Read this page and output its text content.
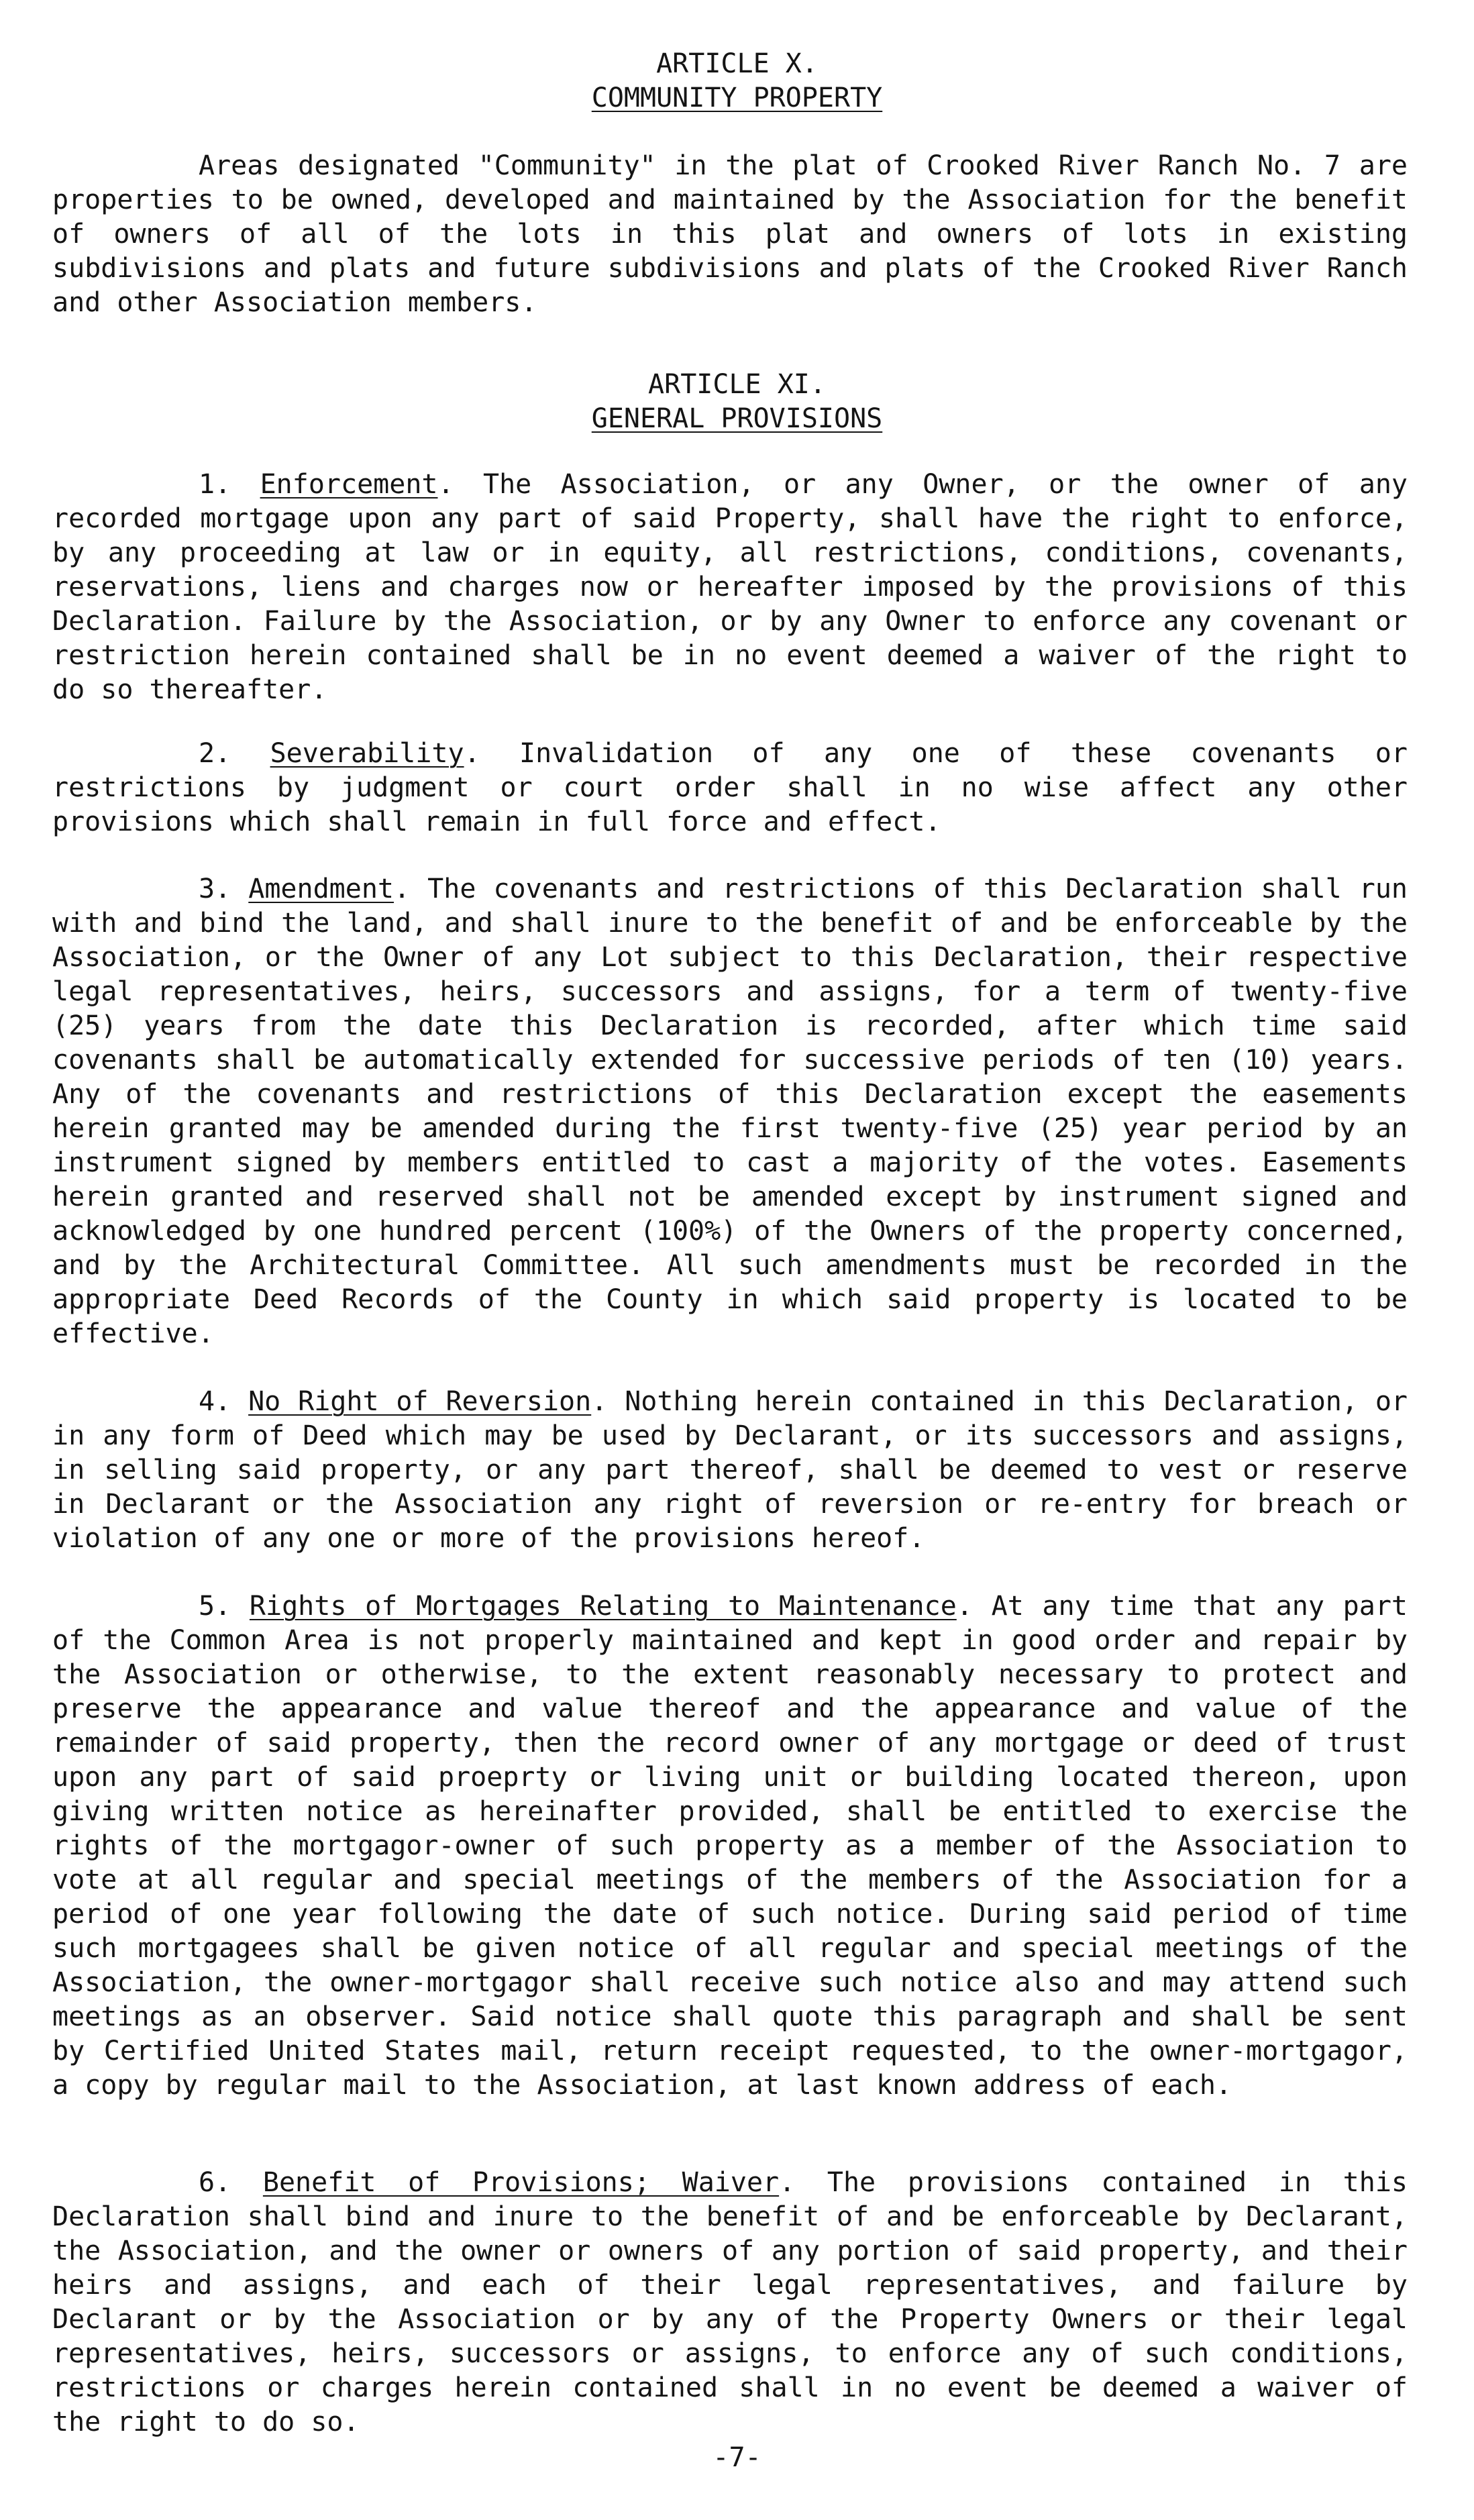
ARTICLE X.
COMMUNITY PROPERTY
Areas designated "Community" in the plat of Crooked River Ranch No. 7 are properties to be owned, developed and maintained by the Association for the benefit of owners of all of the lots in this plat and owners of lots in existing subdivisions and plats and future subdivisions and plats of the Crooked River Ranch and other Association members.
ARTICLE XI.
GENERAL PROVISIONS
1. Enforcement. The Association, or any Owner, or the owner of any recorded mortgage upon any part of said Property, shall have the right to enforce, by any proceeding at law or in equity, all restrictions, conditions, covenants, reservations, liens and charges now or hereafter imposed by the provisions of this Declaration. Failure by the Association, or by any Owner to enforce any covenant or restriction herein contained shall be in no event deemed a waiver of the right to do so thereafter.
2. Severability. Invalidation of any one of these covenants or restrictions by judgment or court order shall in no wise affect any other provisions which shall remain in full force and effect.
3. Amendment. The covenants and restrictions of this Declaration shall run with and bind the land, and shall inure to the benefit of and be enforceable by the Association, or the Owner of any Lot subject to this Declaration, their respective legal representatives, heirs, successors and assigns, for a term of twenty-five (25) years from the date this Declaration is recorded, after which time said covenants shall be automatically extended for successive periods of ten (10) years. Any of the covenants and restrictions of this Declaration except the easements herein granted may be amended during the first twenty-five (25) year period by an instrument signed by members entitled to cast a majority of the votes. Easements herein granted and reserved shall not be amended except by instrument signed and acknowledged by one hundred percent (100%) of the Owners of the property concerned, and by the Architectural Committee. All such amendments must be recorded in the appropriate Deed Records of the County in which said property is located to be effective.
4. No Right of Reversion. Nothing herein contained in this Declaration, or in any form of Deed which may be used by Declarant, or its successors and assigns, in selling said property, or any part thereof, shall be deemed to vest or reserve in Declarant or the Association any right of reversion or re-entry for breach or violation of any one or more of the provisions hereof.
5. Rights of Mortgages Relating to Maintenance. At any time that any part of the Common Area is not properly maintained and kept in good order and repair by the Association or otherwise, to the extent reasonably necessary to protect and preserve the appearance and value thereof and the appearance and value of the remainder of said property, then the record owner of any mortgage or deed of trust upon any part of said proeprty or living unit or building located thereon, upon giving written notice as hereinafter provided, shall be entitled to exercise the rights of the mortgagor-owner of such property as a member of the Association to vote at all regular and special meetings of the members of the Association for a period of one year following the date of such notice. During said period of time such mortgagees shall be given notice of all regular and special meetings of the Association, the owner-mortgagor shall receive such notice also and may attend such meetings as an observer. Said notice shall quote this paragraph and shall be sent by Certified United States mail, return receipt requested, to the owner-mortgagor, a copy by regular mail to the Association, at last known address of each.
6. Benefit of Provisions; Waiver. The provisions contained in this Declaration shall bind and inure to the benefit of and be enforceable by Declarant, the Association, and the owner or owners of any portion of said property, and their heirs and assigns, and each of their legal representatives, and failure by Declarant or by the Association or by any of the Property Owners or their legal representatives, heirs, successors or assigns, to enforce any of such conditions, restrictions or charges herein contained shall in no event be deemed a waiver of the right to do so.
-7-
